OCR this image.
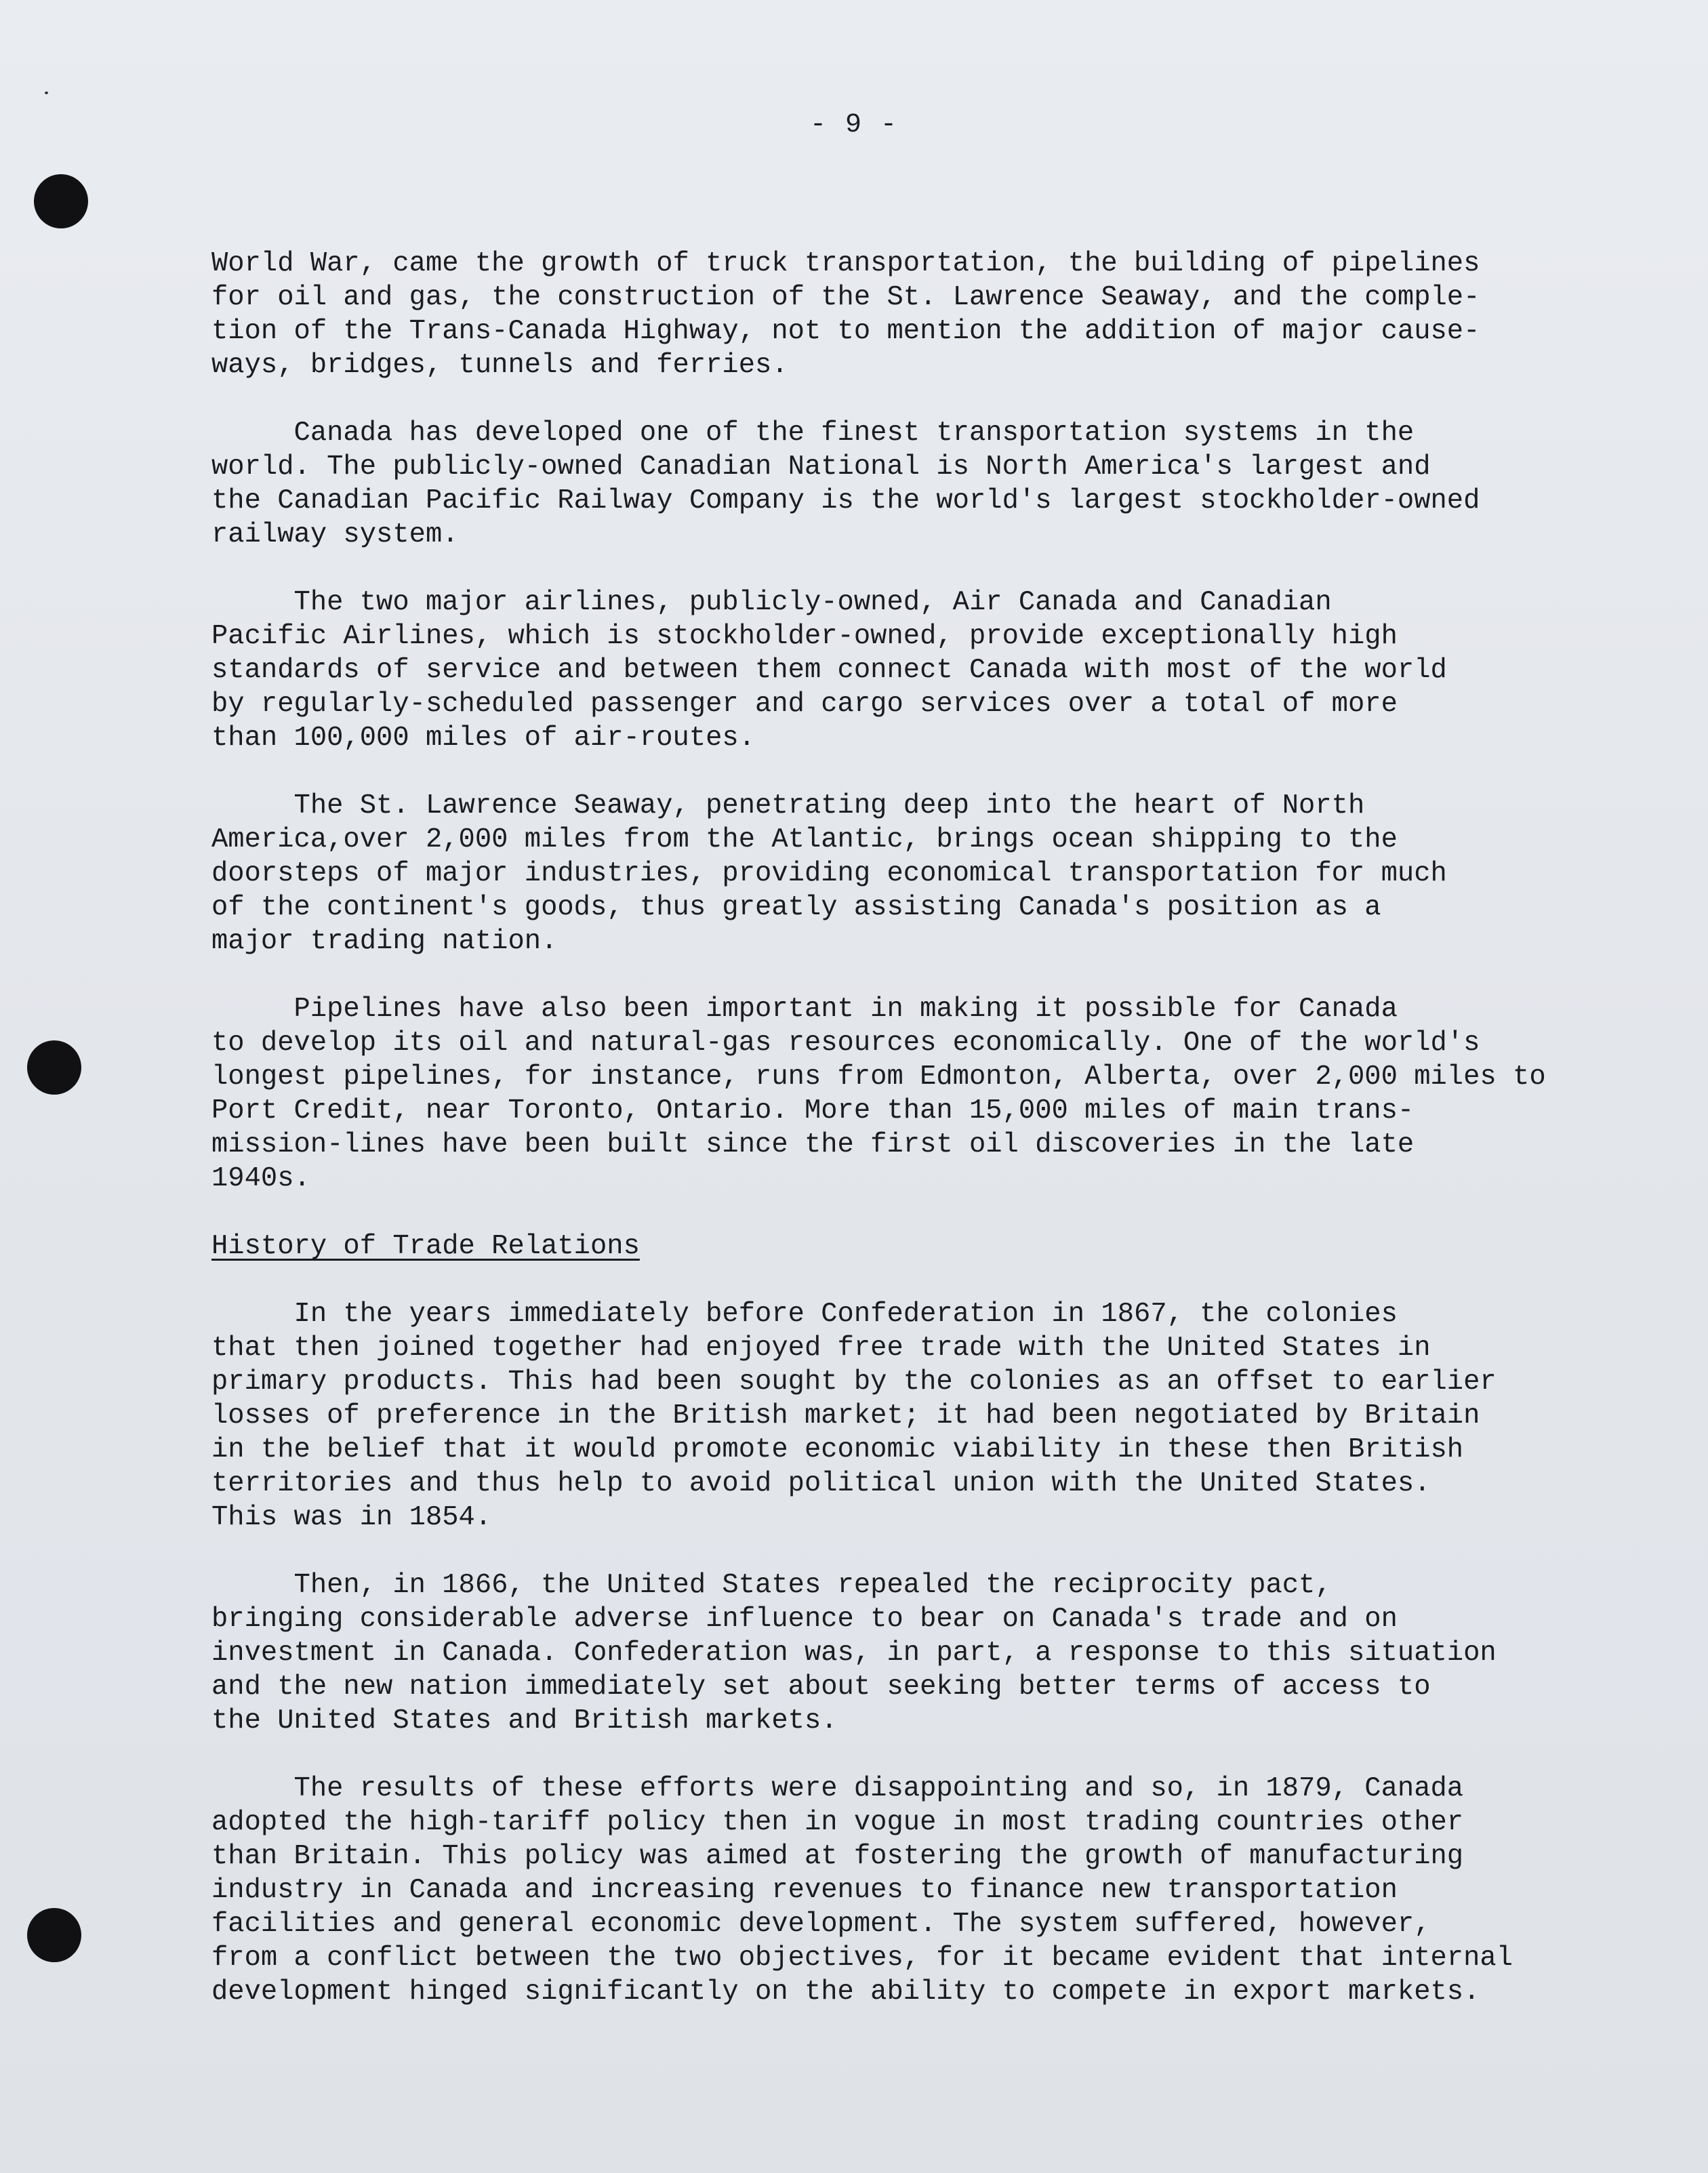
- 9 -

World War, came the growth of truck transportation, the building of pipelines
for oil and gas, the construction of the St. Lawrence Seaway, and the comple-
tion of the Trans-Canada Highway, not to mention the addition of major cause-
ways, bridges, tunnels and ferries.

Canada has developed one of the finest transportation systems in the
world. The publicly-owned Canadian National is North America's largest and
the Canadian Pacific Railway Company is the world's largest stockholder-owned
railway system.

The two major airlines, publicly-owned, Air Canada and Canadian
Pacific Airlines, which is stockholder-owned, provide exceptionally high
standards of service and between them connect Canada with most of the world
by regularly-scheduled passenger and cargo services over a total of more
than 100,000 miles of air-routes.

The St. Lawrence Seaway, penetrating deep into the heart of North
America,over 2,000 miles from the Atlantic, brings ocean shipping to the
doorsteps of major industries, providing economical transportation for much
of the continent's goods, thus greatly assisting Canada's position as a
major trading nation.

Pipelines have also been important in making it possible for Canada
to develop its oil and natural-gas resources economically. One of the world's
longest pipelines, for instance, runs from Edmonton, Alberta, over 2,000 miles to
Port Credit, near Toronto, Ontario. More than 15,000 miles of main trans-
mission-lines have been built since the first oil discoveries in the late
1940s.

History of Trade Relations

In the years immediately before Confederation in 1867, the colonies
that then joined together had enjoyed free trade with the United States in
primary products. This had been sought by the colonies as an offset to earlier
losses of preference in the British market; it had been negotiated by Britain
in the belief that it would promote economic viability in these then British
territories and thus help to avoid political union with the United States.
This was in 1854.

Then, in 1866, the United States repealed the reciprocity pact,
bringing considerable adverse influence to bear on Canada's trade and on
investment in Canada. Confederation was, in part, a response to this situation
and the new nation immediately set about seeking better terms of access to
the United States and British markets.

The results of these efforts were disappointing and so, in 1879, Canada
adopted the high-tariff policy then in vogue in most trading countries other
than Britain. This policy was aimed at fostering the growth of manufacturing
industry in Canada and increasing revenues to finance new transportation
facilities and general economic development. The system suffered, however,
from a conflict between the two objectives, for it became evident that internal
development hinged significantly on the ability to compete in export markets.
